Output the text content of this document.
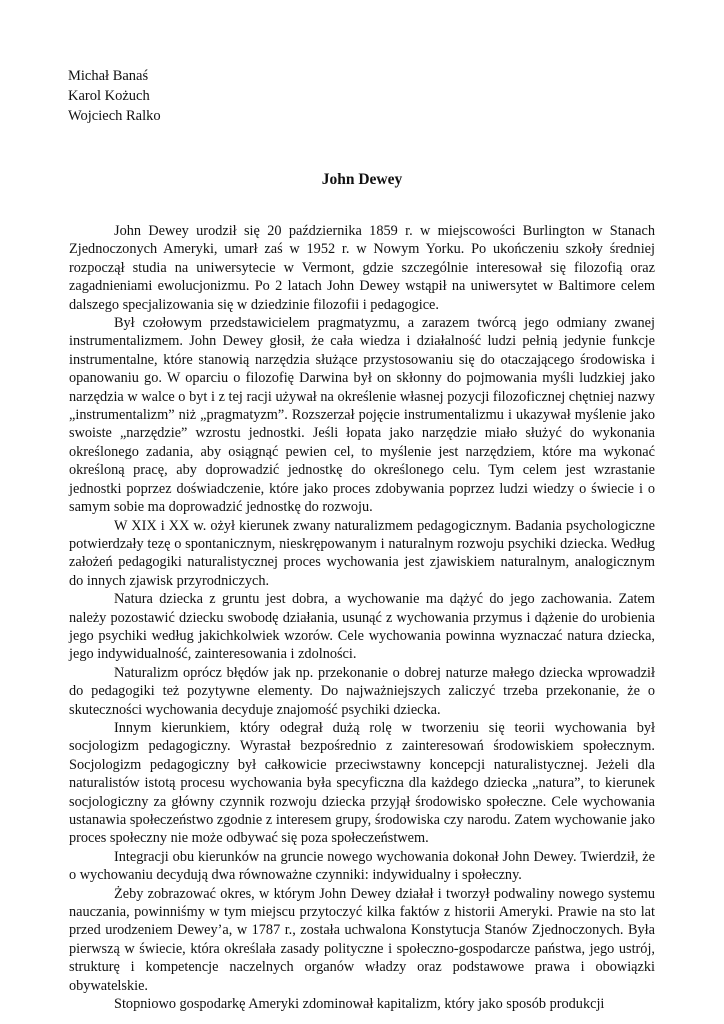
Michał Banaś
Karol Kożuch
Wojciech Ralko
John Dewey

John Dewey urodził się 20 października 1859 r. w miejscowości Burlington w Stanach Zjednoczonych Ameryki, umarł zaś w 1952 r. w Nowym Yorku. Po ukończeniu szkoły średniej rozpoczął studia na uniwersytecie w Vermont, gdzie szczególnie interesował się filozofią oraz zagadnieniami ewolucjonizmu. Po 2 latach John Dewey wstąpił na uniwersytet w Baltimore celem dalszego specjalizowania się w dziedzinie filozofii i pedagogice.

Był czołowym przedstawicielem pragmatyzmu, a zarazem twórcą jego odmiany zwanej instrumentalizmem. John Dewey głosił, że cała wiedza i działalność ludzi pełnią jedynie funkcje instrumentalne, które stanowią narzędzia służące przystosowaniu się do otaczającego środowiska i opanowaniu go. W oparciu o filozofię Darwina był on skłonny do pojmowania myśli ludzkiej jako narzędzia w walce o byt i z tej racji używał na określenie własnej pozycji filozoficznej chętniej nazwy „instrumentalizm” niż „pragmatyzm”. Rozszerzał pojęcie instrumentalizmu i ukazywał myślenie jako swoiste „narzędzie” wzrostu jednostki. Jeśli łopata jako narzędzie miało służyć do wykonania określonego zadania, aby osiągnąć pewien cel, to myślenie jest narzędziem, które ma wykonać określoną pracę, aby doprowadzić jednostkę do określonego celu. Tym celem jest wzrastanie jednostki poprzez doświadczenie, które jako proces zdobywania poprzez ludzi wiedzy o świecie i o samym sobie ma doprowadzić jednostkę do rozwoju.

W XIX i XX w. ożył kierunek zwany naturalizmem pedagogicznym. Badania psychologiczne potwierdzały tezę o spontanicznym, nieskrępowanym i naturalnym rozwoju psychiki dziecka. Według założeń pedagogiki naturalistycznej proces wychowania jest zjawiskiem naturalnym, analogicznym do innych zjawisk przyrodniczych.

Natura dziecka z gruntu jest dobra, a wychowanie ma dążyć do jego zachowania. Zatem należy pozostawić dziecku swobodę działania, usunąć z wychowania przymus i dążenie do urobienia jego psychiki według jakichkolwiek wzorów. Cele wychowania powinna wyznaczać natura dziecka, jego indywidualność, zainteresowania i zdolności.

Naturalizm oprócz błędów jak np. przekonanie o dobrej naturze małego dziecka wprowadził do pedagogiki też pozytywne elementy. Do najważniejszych zaliczyć trzeba przekonanie, że o skuteczności wychowania decyduje znajomość psychiki dziecka.

Innym kierunkiem, który odegrał dużą rolę w tworzeniu się teorii wychowania był socjologizm pedagogiczny. Wyrastał bezpośrednio z zainteresowań środowiskiem społecznym. Socjologizm pedagogiczny był całkowicie przeciwstawny koncepcji naturalistycznej. Jeżeli dla naturalistów istotą procesu wychowania była specyficzna dla każdego dziecka „natura”, to kierunek socjologiczny za główny czynnik rozwoju dziecka przyjął środowisko społeczne. Cele wychowania ustanawia społeczeństwo zgodnie z interesem grupy, środowiska czy narodu. Zatem wychowanie jako proces społeczny nie może odbywać się poza społeczeństwem.

Integracji obu kierunków na gruncie nowego wychowania dokonał John Dewey. Twierdził, że o wychowaniu decydują dwa równoważne czynniki: indywidualny i społeczny.

Żeby zobrazować okres, w którym John Dewey działał i tworzył podwaliny nowego systemu nauczania, powinniśmy w tym miejscu przytoczyć kilka faktów z historii Ameryki. Prawie na sto lat przed urodzeniem Dewey’a, w 1787 r., została uchwalona Konstytucja Stanów Zjednoczonych. Była pierwszą w świecie, która określała zasady polityczne i społeczno-gospodarcze państwa, jego ustrój, strukturę i kompetencje naczelnych organów władzy oraz podstawowe prawa i obowiązki obywatelskie.

Stopniowo gospodarkę Ameryki zdominował kapitalizm, który jako sposób produkcji
